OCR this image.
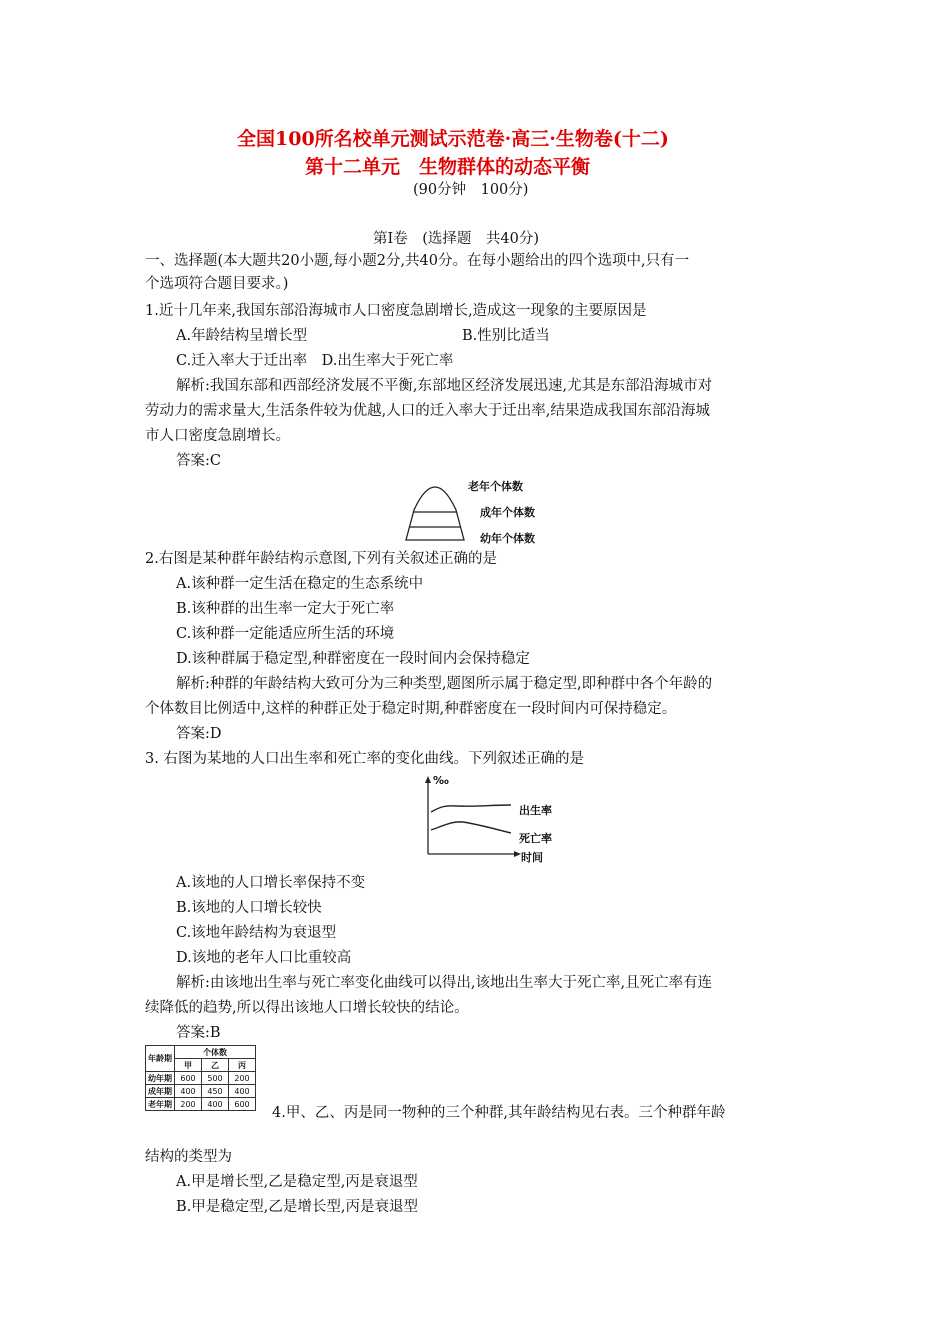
全国100所名校单元测试示范卷·高三·生物卷(十二)
第十二单元　生物群体的动态平衡
(90分钟　100分)
第Ⅰ卷　(选择题　共40分)
一、选择题(本大题共20小题,每小题2分,共40分。在每小题给出的四个选项中,只有一
个选项符合题目要求。)
1.近十几年来,我国东部沿海城市人口密度急剧增长,造成这一现象的主要原因是
A.年龄结构呈增长型	B.性别比适当
C.迁入率大于迁出率　D.出生率大于死亡率
解析:我国东部和西部经济发展不平衡,东部地区经济发展迅速,尤其是东部沿海城市对
劳动力的需求量大,生活条件较为优越,人口的迁入率大于迁出率,结果造成我国东部沿海城
市人口密度急剧增长。
答案:C
老年个体数
成年个体数
幼年个体数
2.右图是某种群年龄结构示意图,下列有关叙述正确的是
A.该种群一定生活在稳定的生态系统中
B.该种群的出生率一定大于死亡率
C.该种群一定能适应所生活的环境
D.该种群属于稳定型,种群密度在一段时间内会保持稳定
解析:种群的年龄结构大致可分为三种类型,题图所示属于稳定型,即种群中各个年龄的
个体数目比例适中,这样的种群正处于稳定时期,种群密度在一段时间内可保持稳定。
答案:D
3. 右图为某地的人口出生率和死亡率的变化曲线。下列叙述正确的是
‰
出生率
死亡率
时间
A.该地的人口增长率保持不变
B.该地的人口增长较快
C.该地年龄结构为衰退型
D.该地的老年人口比重较高
解析:由该地出生率与死亡率变化曲线可以得出,该地出生率大于死亡率,且死亡率有连
续降低的趋势,所以得出该地人口增长较快的结论。
答案:B
年龄期	个体数		
	甲	乙	丙
幼年期	600	500	200
成年期	400	450	400
老年期	200	400	600
4.甲、乙、丙是同一物种的三个种群,其年龄结构见右表。三个种群年龄
结构的类型为
A.甲是增长型,乙是稳定型,丙是衰退型
B.甲是稳定型,乙是增长型,丙是衰退型
